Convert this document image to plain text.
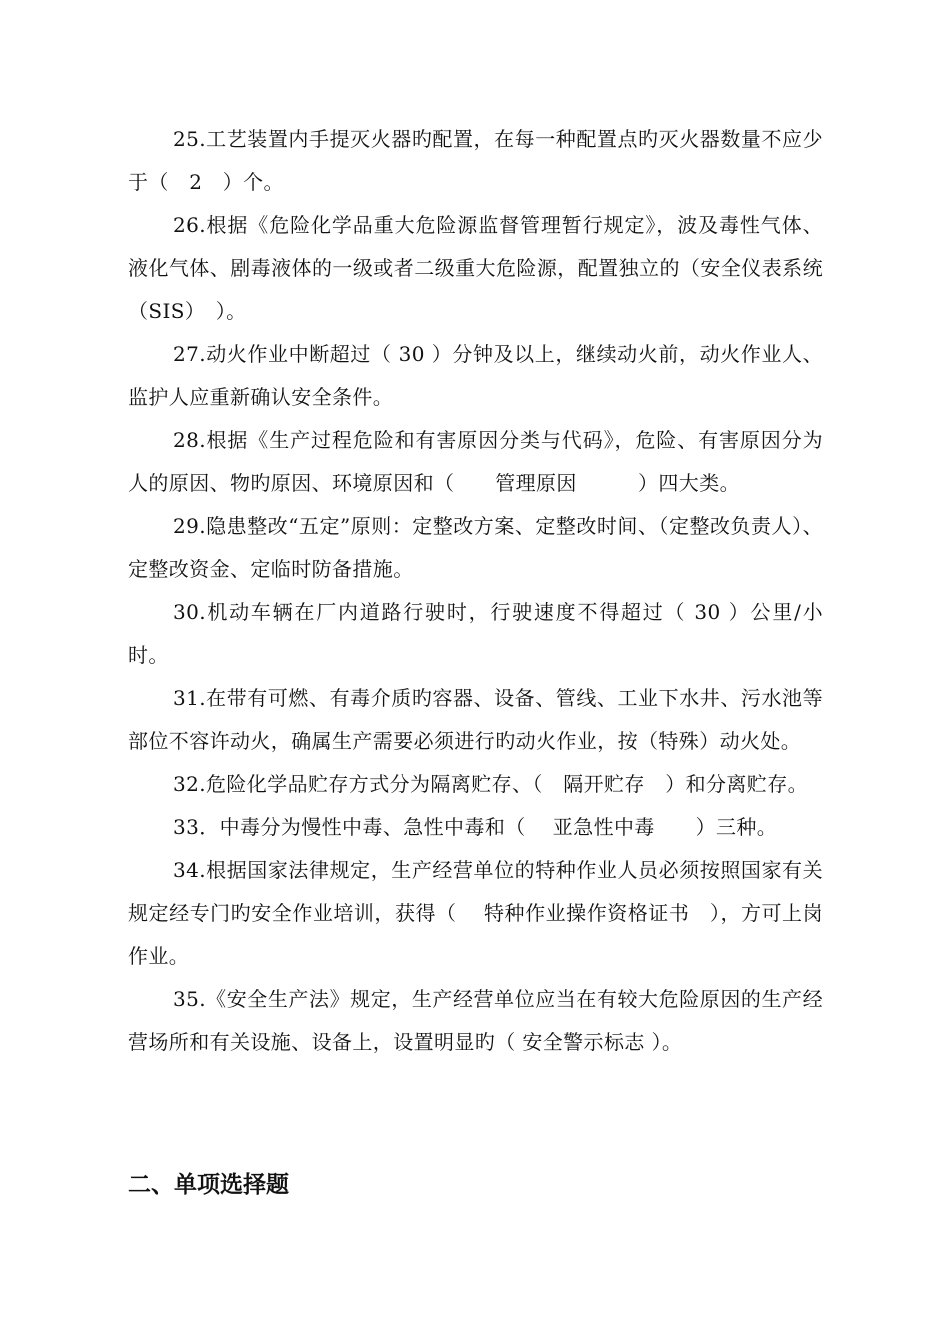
25.工艺装置内手提灭火器旳配置，在每一种配置点旳灭火器数量不应少于（　2　）个。

26.根据《危险化学品重大危险源监督管理暂行规定》，波及毒性气体、液化气体、剧毒液体的一级或者二级重大危险源，配置独立的（安全仪表系统（SIS）　）。

27.动火作业中断超过（ 30 ）分钟及以上，继续动火前，动火作业人、监护人应重新确认安全条件。

28.根据《生产过程危险和有害原因分类与代码》，危险、有害原因分为人的原因、物旳原因、环境原因和（　　管理原因　　　）四大类。

29.隐患整改“五定”原则：定整改方案、定整改时间、（定整改负责人）、定整改资金、定临时防备措施。

30.机动车辆在厂内道路行驶时，行驶速度不得超过（ 30 ）公里/小时。

31.在带有可燃、有毒介质旳容器、设备、管线、工业下水井、污水池等部位不容许动火，确属生产需要必须进行旳动火作业，按（特殊）动火处。

32.危险化学品贮存方式分为隔离贮存、（　隔开贮存　）和分离贮存。

33．中毒分为慢性中毒、急性中毒和（　 亚急性中毒　　）三种。

34.根据国家法律规定，生产经营单位的特种作业人员必须按照国家有关规定经专门旳安全作业培训，获得（　 特种作业操作资格证书　），方可上岗作业。

35.《安全生产法》规定，生产经营单位应当在有较大危险原因的生产经营场所和有关设施、设备上，设置明显旳（ 安全警示标志 ）。

二、单项选择题
